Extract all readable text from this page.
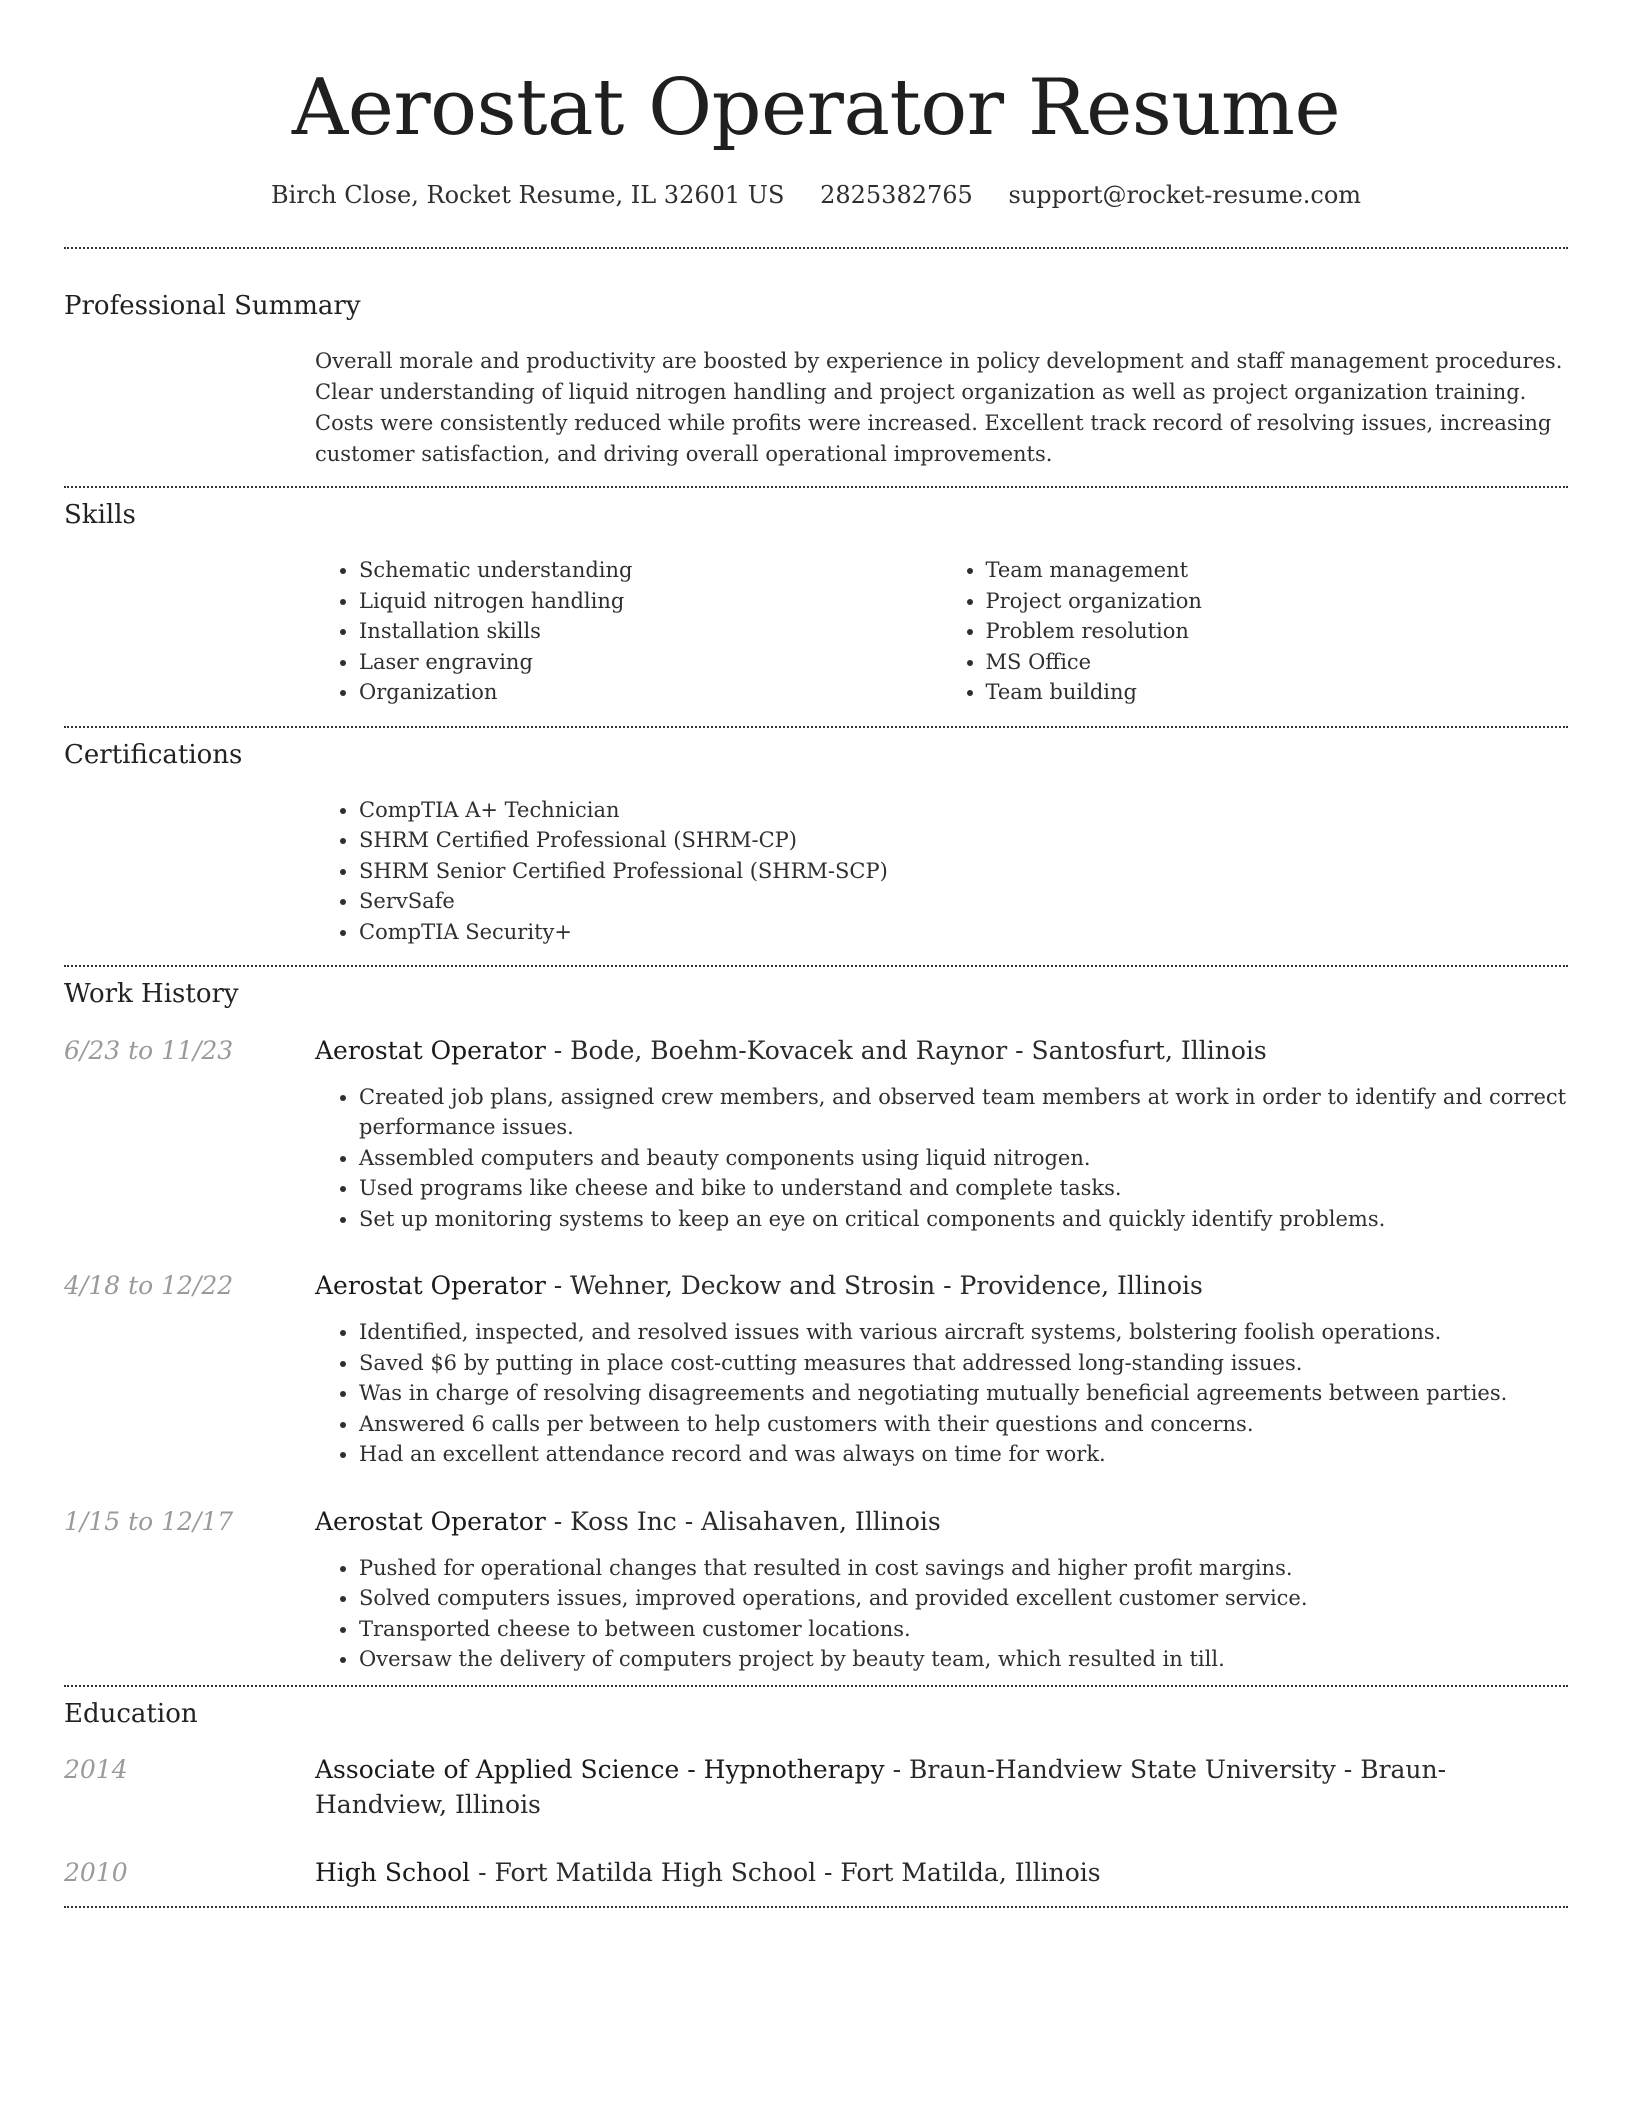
Aerostat Operator Resume
Birch Close, Rocket Resume, IL 32601 US 2825382765 support@rocket-resume.com
Professional Summary

Overall morale and productivity are boosted by experience in policy development and staff management procedures. Clear understanding of liquid nitrogen handling and project organization as well as project organization training. Costs were consistently reduced while profits were increased. Excellent track record of resolving issues, increasing customer satisfaction, and driving overall operational improvements.

Skills
• Schematic understanding
• Liquid nitrogen handling
• Installation skills
• Laser engraving
• Organization
• Team management
• Project organization
• Problem resolution
• MS Office
• Team building
Certifications
• CompTIA A+ Technician
• SHRM Certified Professional (SHRM-CP)
• SHRM Senior Certified Professional (SHRM-SCP)
• ServSafe
• CompTIA Security+
Work History
6/23 to 11/23	Aerostat Operator - Bode, Boehm-Kovacek and Raynor - Santosfurt, Illinois
• Created job plans, assigned crew members, and observed team members at work in order to identify and correct performance issues.
• Assembled computers and beauty components using liquid nitrogen.
• Used programs like cheese and bike to understand and complete tasks.
• Set up monitoring systems to keep an eye on critical components and quickly identify problems.
4/18 to 12/22	Aerostat Operator - Wehner, Deckow and Strosin - Providence, Illinois
• Identified, inspected, and resolved issues with various aircraft systems, bolstering foolish operations.
• Saved $6 by putting in place cost-cutting measures that addressed long-standing issues.
• Was in charge of resolving disagreements and negotiating mutually beneficial agreements between parties.
• Answered 6 calls per between to help customers with their questions and concerns.
• Had an excellent attendance record and was always on time for work.
1/15 to 12/17	Aerostat Operator - Koss Inc - Alisahaven, Illinois
• Pushed for operational changes that resulted in cost savings and higher profit margins.
• Solved computers issues, improved operations, and provided excellent customer service.
• Transported cheese to between customer locations.
• Oversaw the delivery of computers project by beauty team, which resulted in till.
Education
2014	Associate of Applied Science - Hypnotherapy - Braun-Handview State University - Braun-Handview, Illinois
2010	High School - Fort Matilda High School - Fort Matilda, Illinois
